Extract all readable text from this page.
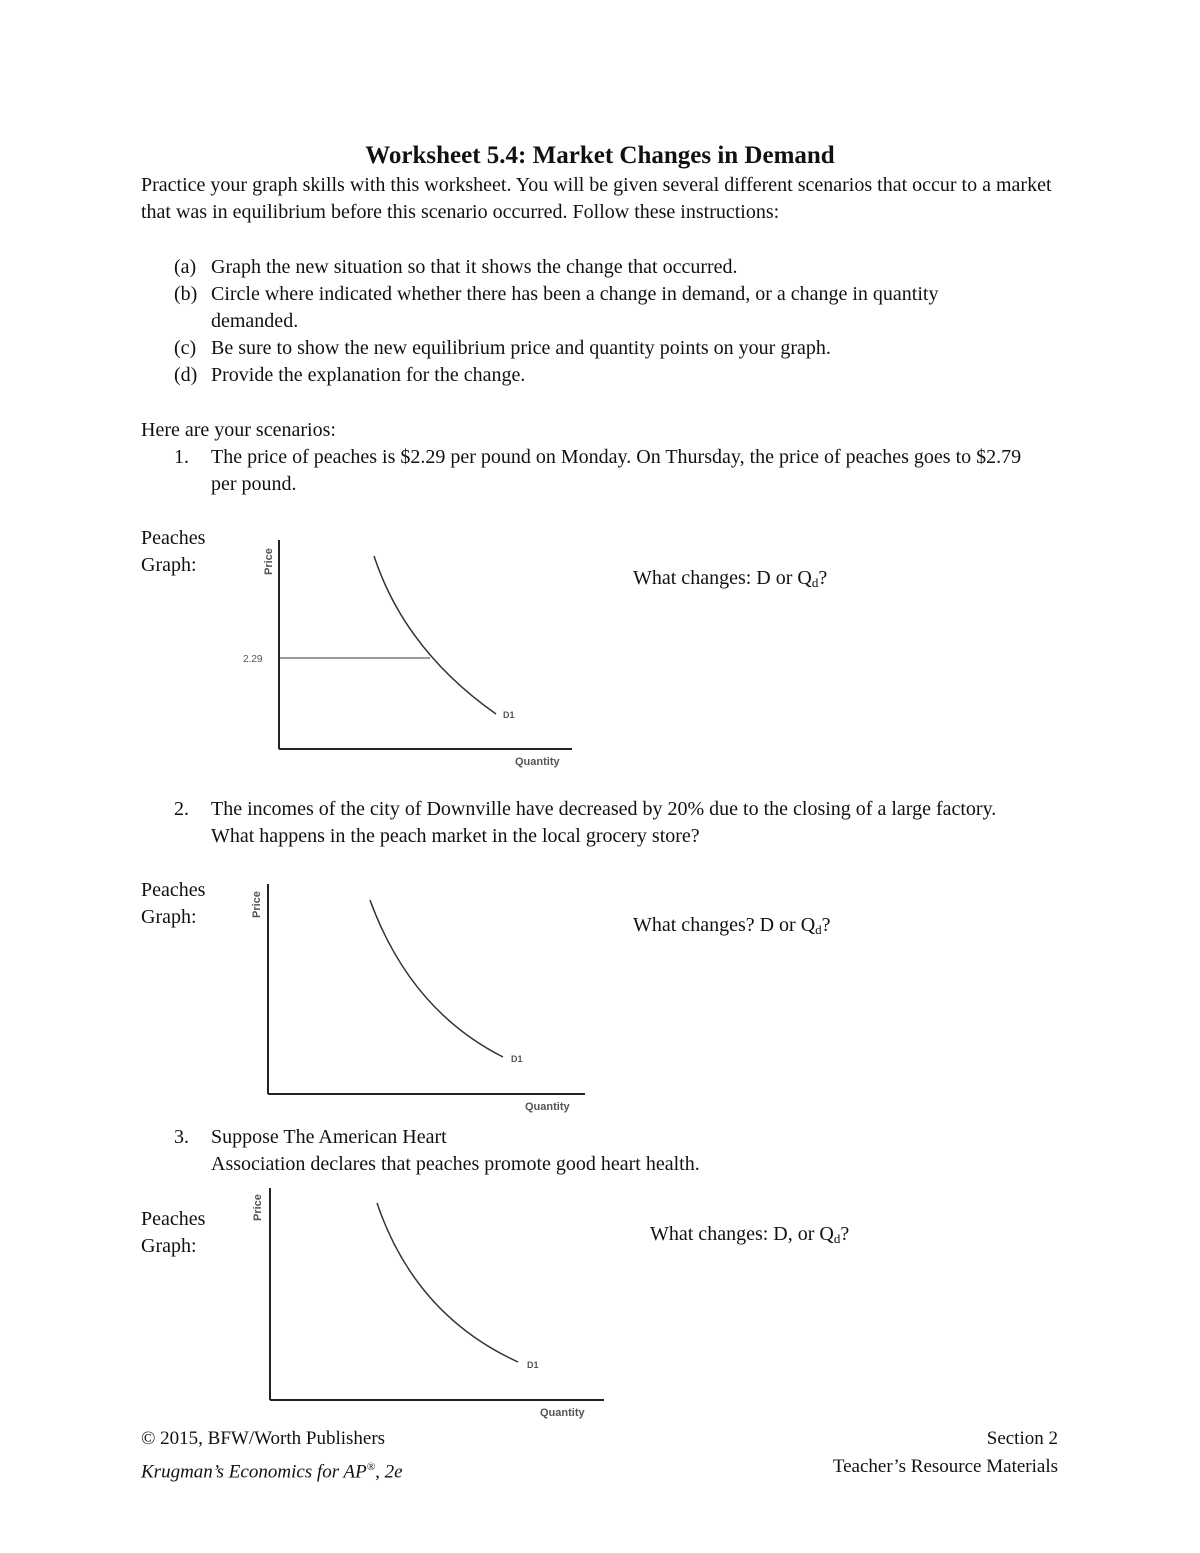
Worksheet 5.4: Market Changes in Demand
Practice your graph skills with this worksheet. You will be given several different scenarios that occur to a market that was in equilibrium before this scenario occurred. Follow these instructions:
(a) Graph the new situation so that it shows the change that occurred.
(b) Circle where indicated whether there has been a change in demand, or a change in quantity demanded.
(c) Be sure to show the new equilibrium price and quantity points on your graph.
(d) Provide the explanation for the change.
Here are your scenarios:
1.	The price of peaches is $2.29 per pound on Monday. On Thursday, the price of peaches goes to $2.79 per pound.
Peaches
Graph:
What changes: D or $Q_d$?
2.29
D1
Quantity
Price
2.	The incomes of the city of Downville have decreased by 20% due to the closing of a large factory. What happens in the peach market in the local grocery store?
Peaches
Graph:	What changes? D or $Q_d$?
D1
Quantity
Price
3.	Suppose The American Heart
Association declares that peaches promote good heart health.
Peaches
Graph:
What changes: D, or $Q_d$?
D1
Quantity
Price
© 2015, BFW/Worth Publishers
Krugman’s Economics for AP®, 2e
Section 2
Teacher’s Resource Materials
